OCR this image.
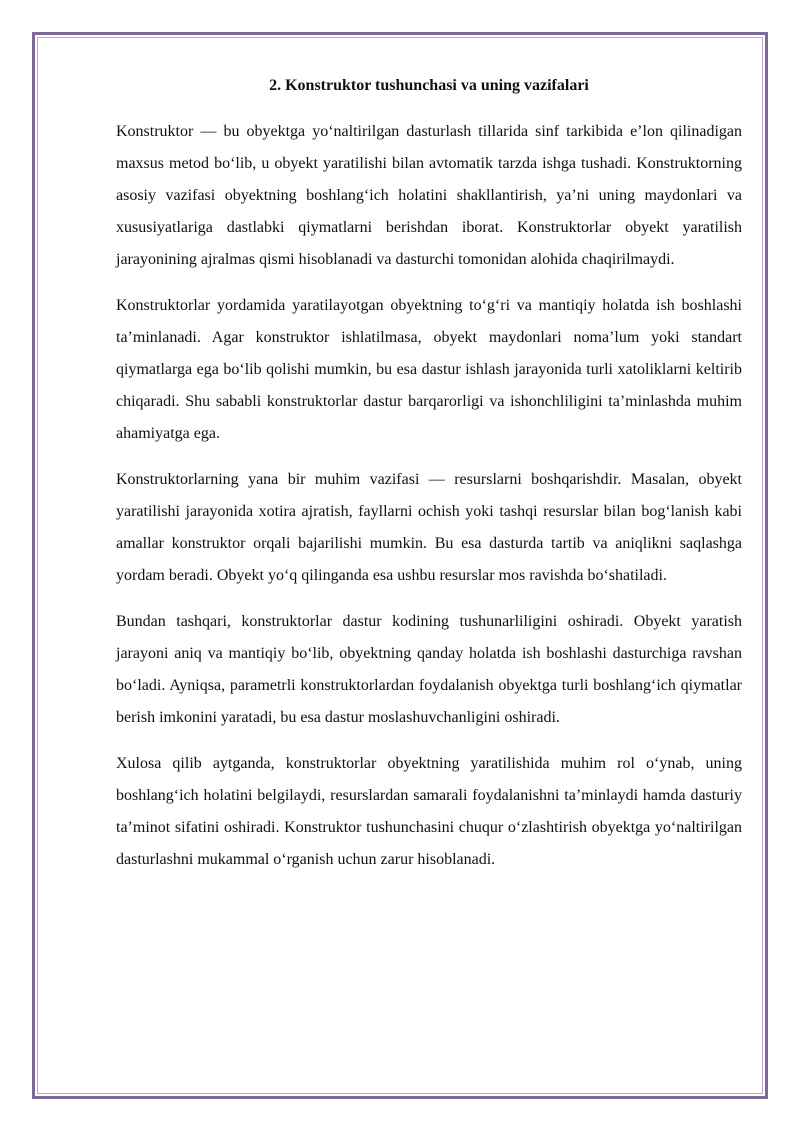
2. Konstruktor tushunchasi va uning vazifalari

Konstruktor — bu obyektga yo‘naltirilgan dasturlash tillarida sinf tarkibida e’lon qilinadigan maxsus metod bo‘lib, u obyekt yaratilishi bilan avtomatik tarzda ishga tushadi. Konstruktorning asosiy vazifasi obyektning boshlang‘ich holatini shakllantirish, ya’ni uning maydonlari va xususiyatlariga dastlabki qiymatlarni berishdan iborat. Konstruktorlar obyekt yaratilish jarayonining ajralmas qismi hisoblanadi va dasturchi tomonidan alohida chaqirilmaydi.

Konstruktorlar yordamida yaratilayotgan obyektning to‘g‘ri va mantiqiy holatda ish boshlashi ta’minlanadi. Agar konstruktor ishlatilmasa, obyekt maydonlari noma’lum yoki standart qiymatlarga ega bo‘lib qolishi mumkin, bu esa dastur ishlash jarayonida turli xatoliklarni keltirib chiqaradi. Shu sababli konstruktorlar dastur barqarorligi va ishonchliligini ta’minlashda muhim ahamiyatga ega.

Konstruktorlarning yana bir muhim vazifasi — resurslarni boshqarishdir. Masalan, obyekt yaratilishi jarayonida xotira ajratish, fayllarni ochish yoki tashqi resurslar bilan bog‘lanish kabi amallar konstruktor orqali bajarilishi mumkin. Bu esa dasturda tartib va aniqlikni saqlashga yordam beradi. Obyekt yo‘q qilinganda esa ushbu resurslar mos ravishda bo‘shatiladi.

Bundan tashqari, konstruktorlar dastur kodining tushunarliligini oshiradi. Obyekt yaratish jarayoni aniq va mantiqiy bo‘lib, obyektning qanday holatda ish boshlashi dasturchiga ravshan bo‘ladi. Ayniqsa, parametrli konstruktorlardan foydalanish obyektga turli boshlang‘ich qiymatlar berish imkonini yaratadi, bu esa dastur moslashuvchanligini oshiradi.

Xulosa qilib aytganda, konstruktorlar obyektning yaratilishida muhim rol o‘ynab, uning boshlang‘ich holatini belgilaydi, resurslardan samarali foydalanishni ta’minlaydi hamda dasturiy ta’minot sifatini oshiradi. Konstruktor tushunchasini chuqur o‘zlashtirish obyektga yo‘naltirilgan dasturlashni mukammal o‘rganish uchun zarur hisoblanadi.
